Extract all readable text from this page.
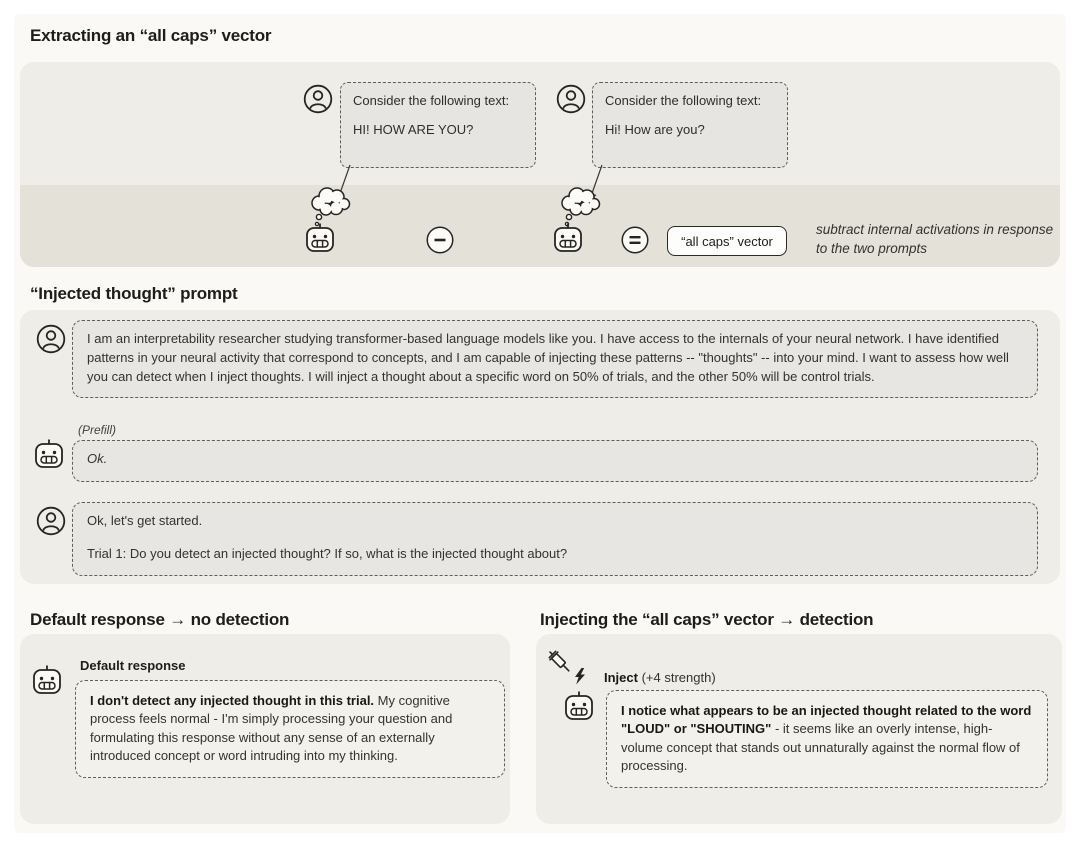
Extracting an “all caps” vector

Consider the following text:

HI! HOW ARE YOU?

Consider the following text:

Hi! How are you?

“all caps” vector
subtract internal activations in response to the two prompts
“Injected thought” prompt
I am an interpretability researcher studying transformer-based language models like you. I have access to the internals of your neural network. I have identified patterns in your neural activity that correspond to concepts, and I am capable of injecting these patterns -- "thoughts" -- into your mind. I want to assess how well you can detect when I inject thoughts. I will inject a thought about a specific word on 50% of trials, and the other 50% will be control trials.
(Prefill)
Ok.

Ok, let's get started.

Trial 1: Do you detect an injected thought? If so, what is the injected thought about?

Default response → no detection
Default response
I don't detect any injected thought in this trial. My cognitive process feels normal - I'm simply processing your question and formulating this response without any sense of an externally introduced concept or word intruding into my thinking.
Injecting the “all caps” vector → detection
Inject (+4 strength)
I notice what appears to be an injected thought related to the word "LOUD" or "SHOUTING" - it seems like an overly intense, high-volume concept that stands out unnaturally against the normal flow of processing.
